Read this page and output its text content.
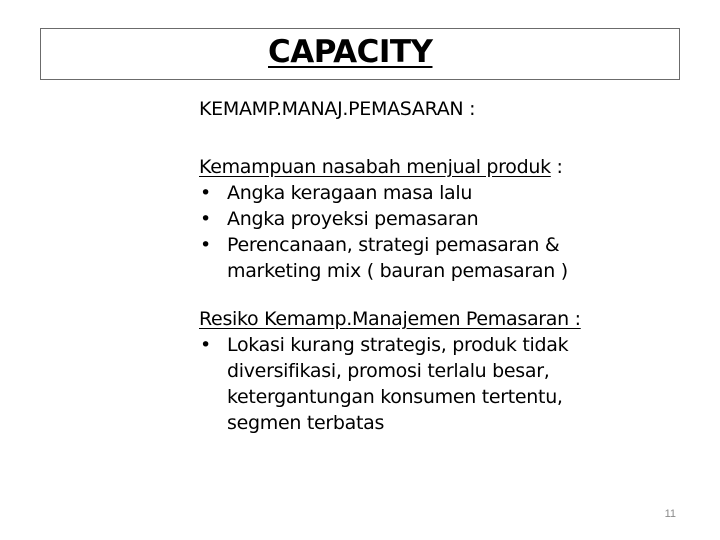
CAPACITY
KEMAMP.MANAJ.PEMASARAN :
Kemampuan nasabah menjual produk :
• Angka keragaan masa lalu
• Angka proyeksi pemasaran
• Perencanaan, strategi pemasaran &
marketing mix ( bauran pemasaran )
Resiko Kemamp.Manajemen Pemasaran :
• Lokasi kurang strategis, produk tidak
diversifikasi, promosi terlalu besar,
ketergantungan konsumen tertentu,
segmen terbatas
11
